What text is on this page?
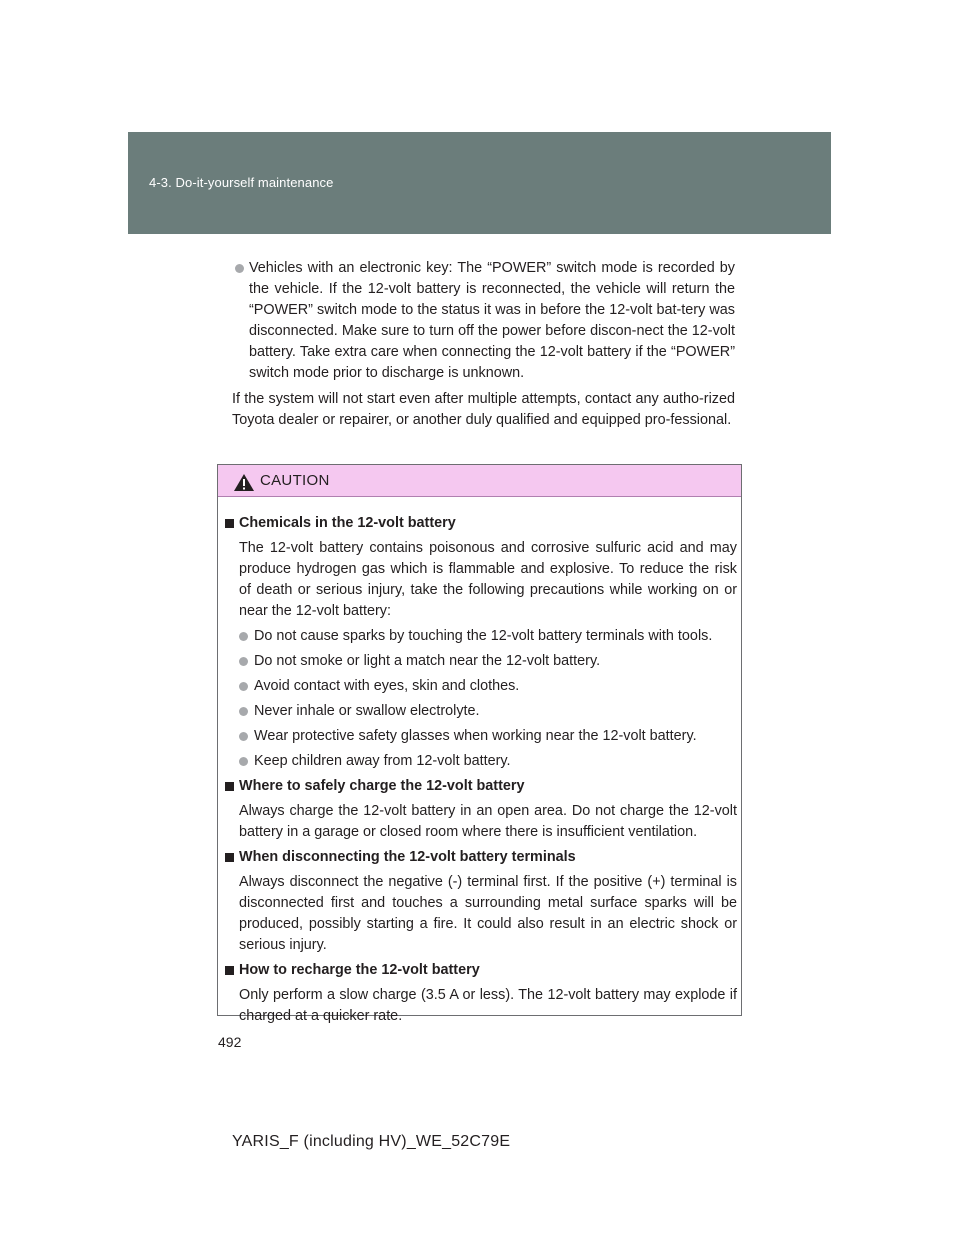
4-3. Do-it-yourself maintenance
Vehicles with an electronic key: The “POWER” switch mode is recorded by the vehicle. If the 12-volt battery is reconnected, the vehicle will return the “POWER” switch mode to the status it was in before the 12-volt bat-tery was disconnected. Make sure to turn off the power before discon-nect the 12-volt battery. Take extra care when connecting the 12-volt battery if the “POWER” switch mode prior to discharge is unknown.
If the system will not start even after multiple attempts, contact any autho-rized Toyota dealer or repairer, or another duly qualified and equipped pro-fessional.
CAUTION
Chemicals in the 12-volt battery
The 12-volt battery contains poisonous and corrosive sulfuric acid and may produce hydrogen gas which is flammable and explosive. To reduce the risk of death or serious injury, take the following precautions while working on or near the 12-volt battery:
Do not cause sparks by touching the 12-volt battery terminals with tools.
Do not smoke or light a match near the 12-volt battery.
Avoid contact with eyes, skin and clothes.
Never inhale or swallow electrolyte.
Wear protective safety glasses when working near the 12-volt battery.
Keep children away from 12-volt battery.
Where to safely charge the 12-volt battery
Always charge the 12-volt battery in an open area. Do not charge the 12-volt battery in a garage or closed room where there is insufficient ventilation.
When disconnecting the 12-volt battery terminals
Always disconnect the negative (-) terminal first. If the positive (+) terminal is disconnected first and touches a surrounding metal surface sparks will be produced, possibly starting a fire. It could also result in an electric shock or serious injury.
How to recharge the 12-volt battery
Only perform a slow charge (3.5 A or less). The 12-volt battery may explode if charged at a quicker rate.
492
YARIS_F (including HV)_WE_52C79E
